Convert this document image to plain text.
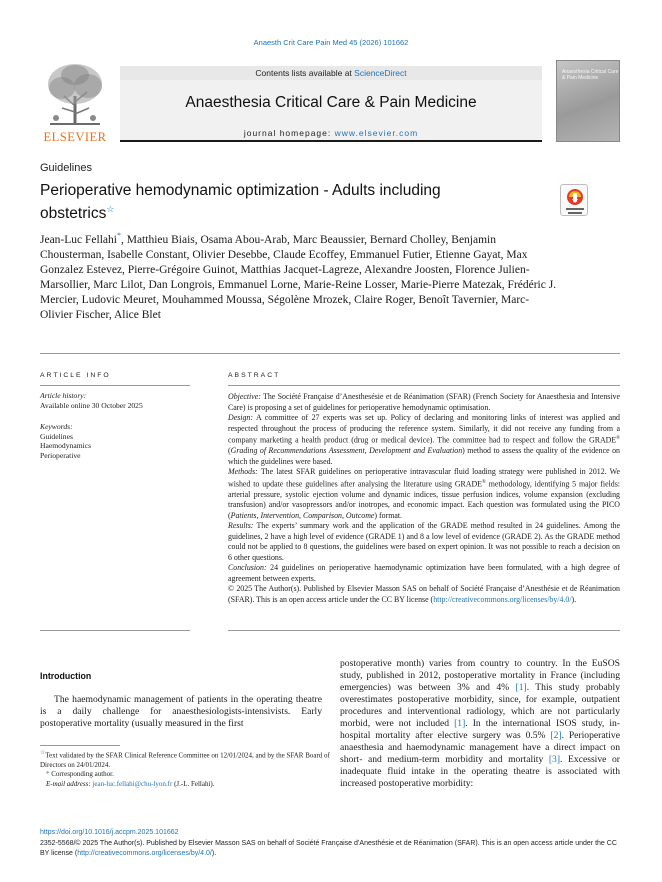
Anaesth Crit Care Pain Med 45 (2026) 101662
ELSEVIER
Contents lists available at ScienceDirect
Anaesthesia Critical Care & Pain Medicine
journal homepage: www.elsevier.com
Anaesthesia Critical Care & Pain Medicine
Guidelines
Perioperative hemodynamic optimization - Adults including obstetrics☆
Jean-Luc Fellahi*, Matthieu Biais, Osama Abou-Arab, Marc Beaussier, Bernard Cholley, Benjamin Chousterman, Isabelle Constant, Olivier Desebbe, Claude Ecoffey, Emmanuel Futier, Etienne Gayat, Max Gonzalez Estevez, Pierre-Grégoire Guinot, Matthias Jacquet-Lagreze, Alexandre Joosten, Florence Julien-Marsollier, Marc Lilot, Dan Longrois, Emmanuel Lorne, Marie-Reine Losser, Marie-Pierre Matezak, Frédéric J. Mercier, Ludovic Meuret, Mouhammed Moussa, Ségolène Mrozek, Claire Roger, Benoît Tavernier, Marc-Olivier Fischer, Alice Blet
ARTICLE INFO	ABSTRACT
Article history:
Available online 30 October 2025
Keywords:
Guidelines
Haemodynamics
Perioperative

Objective: The Société Française d’Anesthesésie et de Réanimation (SFAR) (French Society for Anaesthesia and Intensive Care) is proposing a set of guidelines for perioperative hemodynamic optimisation.

Design: A committee of 27 experts was set up. Policy of declaring and monitoring links of interest was applied and respected throughout the process of producing the reference system. Similarly, it did not receive any funding from a company marketing a health product (drug or medical device). The committee had to respect and follow the GRADE® (Grading of Recommendations Assessment, Development and Evaluation) method to assess the quality of the evidence on which the guidelines were based.

Methods: The latest SFAR guidelines on perioperative intravascular fluid loading strategy were published in 2012. We wished to update these guidelines after analysing the literature using GRADE® methodology, identifying 5 major fields: arterial pressure, systolic ejection volume and dynamic indices, tissue perfusion indices, volume expansion (excluding transfusion) and/or vasopressors and/or inotropes, and economic impact. Each question was formulated using the PICO (Patients, Intervention, Comparison, Outcome) format.

Results: The experts’ summary work and the application of the GRADE method resulted in 24 guidelines. Among the guidelines, 2 have a high level of evidence (GRADE 1) and 8 a low level of evidence (GRADE 2). As the GRADE method could not be applied to 8 questions, the guidelines were based on expert opinion. It was not possible to reach a decision on 6 other questions.

Conclusion: 24 guidelines on perioperative haemodynamic optimization have been formulated, with a high degree of agreement between experts.

© 2025 The Author(s). Published by Elsevier Masson SAS on behalf of Société Française d’Anesthésie et de Réanimation (SFAR). This is an open access article under the CC BY license (http://creativecommons.org/licenses/by/4.0/).

Introduction
The haemodynamic management of patients in the operating theatre is a daily challenge for anaesthesiologists-intensivists. Early postoperative mortality (usually measured in the first
postoperative month) varies from country to country. In the EuSOS study, published in 2012, postoperative mortality in France (including emergencies) was between 3% and 4% [1]. This study probably overestimates postoperative morbidity, since, for example, outpatient procedures and interventional radiology, which are not particularly morbid, were not included [1]. In the international ISOS study, in-hospital mortality after elective surgery was 0.5% [2]. Perioperative anaesthesia and haemodynamic management have a direct impact on short- and medium-term morbidity and mortality [3]. Excessive or inadequate fluid intake in the operating theatre is associated with increased postoperative morbidity:
☆Text validated by the SFAR Clinical Reference Committee on 12/01/2024, and by the SFAR Board of Directors on 24/01/2024.
* Corresponding author.
E-mail address: jean-luc.fellahi@chu-lyon.fr (J.-L. Fellahi).
https://doi.org/10.1016/j.accpm.2025.101662
2352-5568/© 2025 The Author(s). Published by Elsevier Masson SAS on behalf of Société Française d’Anesthésie et de Réanimation (SFAR). This is an open access article under the CC BY license (http://creativecommons.org/licenses/by/4.0/).
